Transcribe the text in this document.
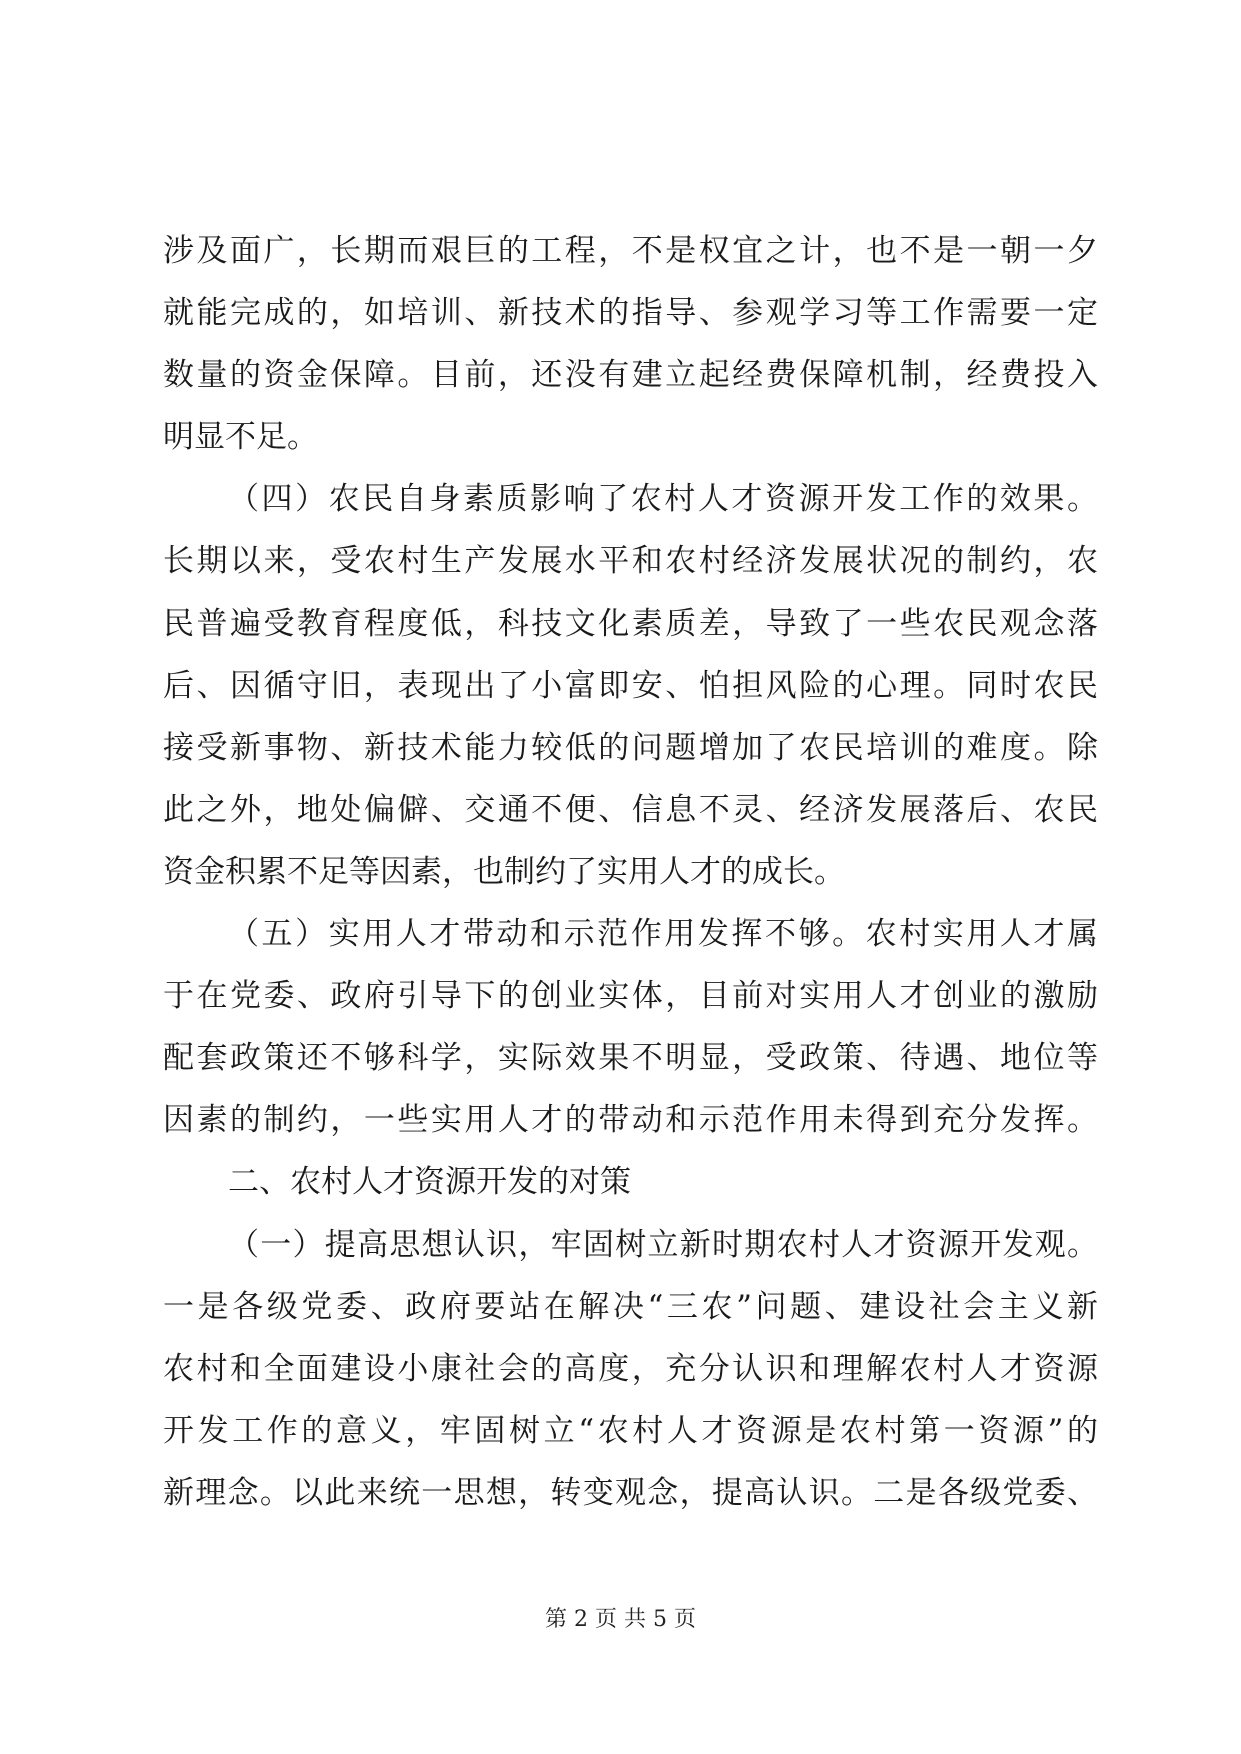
涉及面广，长期而艰巨的工程，不是权宜之计，也不是一朝一夕
就能完成的，如培训、新技术的指导、参观学习等工作需要一定
数量的资金保障。目前，还没有建立起经费保障机制，经费投入
明显不足。
（四）农民自身素质影响了农村人才资源开发工作的效果。
长期以来，受农村生产发展水平和农村经济发展状况的制约，农
民普遍受教育程度低，科技文化素质差，导致了一些农民观念落
后、因循守旧，表现出了小富即安、怕担风险的心理。同时农民
接受新事物、新技术能力较低的问题增加了农民培训的难度。除
此之外，地处偏僻、交通不便、信息不灵、经济发展落后、农民
资金积累不足等因素，也制约了实用人才的成长。
（五）实用人才带动和示范作用发挥不够。农村实用人才属
于在党委、政府引导下的创业实体，目前对实用人才创业的激励
配套政策还不够科学，实际效果不明显，受政策、待遇、地位等
因素的制约，一些实用人才的带动和示范作用未得到充分发挥。
二、农村人才资源开发的对策
（一）提高思想认识，牢固树立新时期农村人才资源开发观。
一是各级党委、政府要站在解决“三农”问题、建设社会主义新
农村和全面建设小康社会的高度，充分认识和理解农村人才资源
开发工作的意义，牢固树立“农村人才资源是农村第一资源”的
新理念。以此来统一思想，转变观念，提高认识。二是各级党委、
第 2 页 共 5 页
